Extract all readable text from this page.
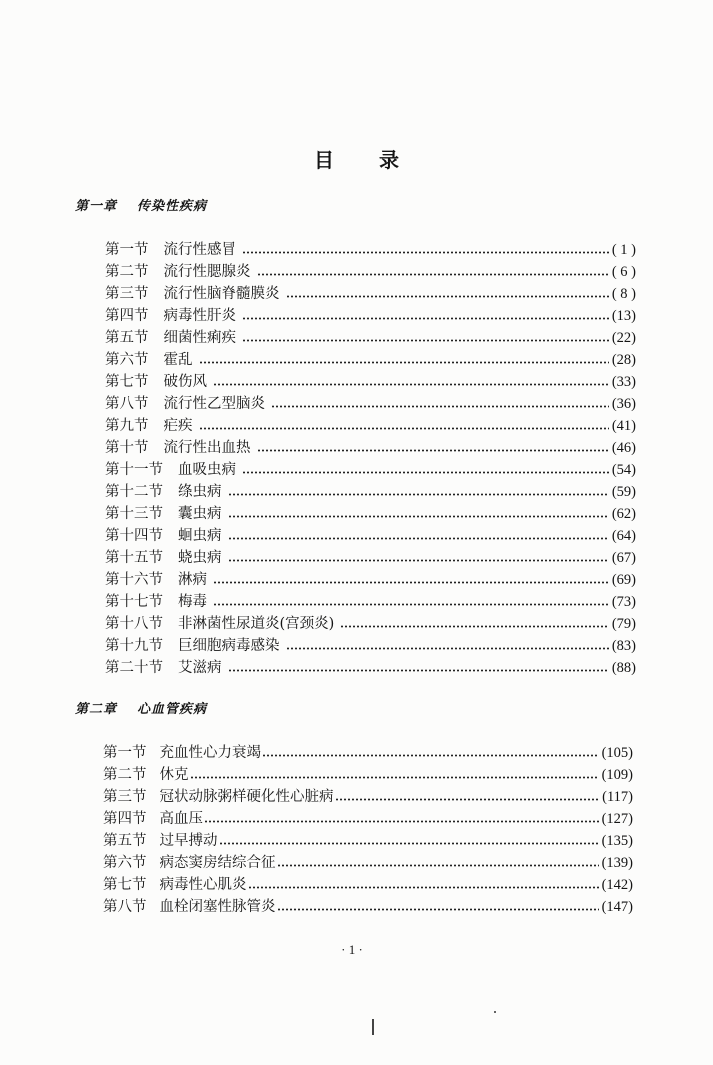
目 录
第一章 传染性疾病
第一节 流行性感冒	( 1 )
第二节 流行性腮腺炎	( 6 )
第三节 流行性脑脊髓膜炎	( 8 )
第四节 病毒性肝炎	(13)
第五节 细菌性痢疾	(22)
第六节 霍乱	(28)
第七节 破伤风	(33)
第八节 流行性乙型脑炎	(36)
第九节 疟疾	(41)
第十节 流行性出血热	(46)
第十一节 血吸虫病	(54)
第十二节 绦虫病	(59)
第十三节 囊虫病	(62)
第十四节 蛔虫病	(64)
第十五节 蛲虫病	(67)
第十六节 淋病	(69)
第十七节 梅毒	(73)
第十八节 非淋菌性尿道炎(宫颈炎)	(79)
第十九节 巨细胞病毒感染	(83)
第二十节 艾滋病	(88)
第二章 心血管疾病
第一节 充血性心力衰竭	(105)
第二节 休克	(109)
第三节 冠状动脉粥样硬化性心脏病	(117)
第四节 高血压	(127)
第五节 过早搏动	(135)
第六节 病态窦房结综合征	(139)
第七节 病毒性心肌炎	(142)
第八节 血栓闭塞性脉管炎	(147)
· 1 ·
